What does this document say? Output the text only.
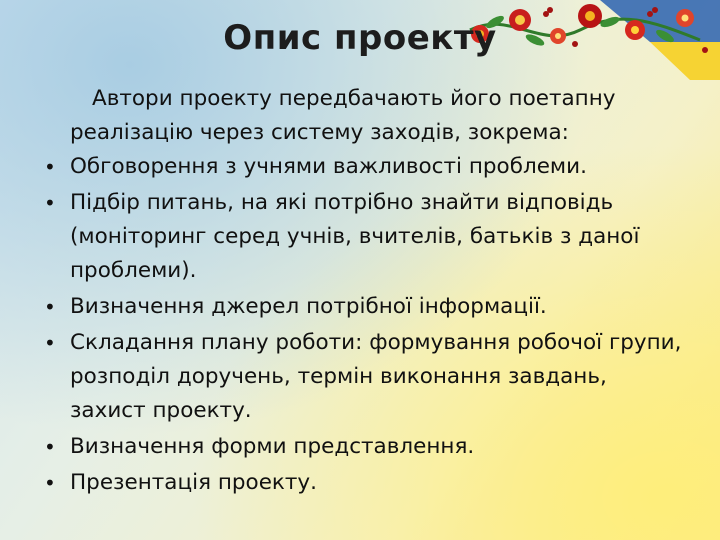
Опис проекту

Автори проекту передбачають його поетапну реалізацію через систему заходів, зокрема:

• Обговорення з учнями важливості проблеми.
• Підбір питань, на які потрібно знайти відповідь (моніторинг серед учнів, вчителів, батьків з даної проблеми).
• Визначення джерел потрібної інформації.
• Складання плану роботи: формування робочої групи, розподіл доручень, термін виконання завдань, захист проекту.
• Визначення форми представлення.
• Презентація проекту.
